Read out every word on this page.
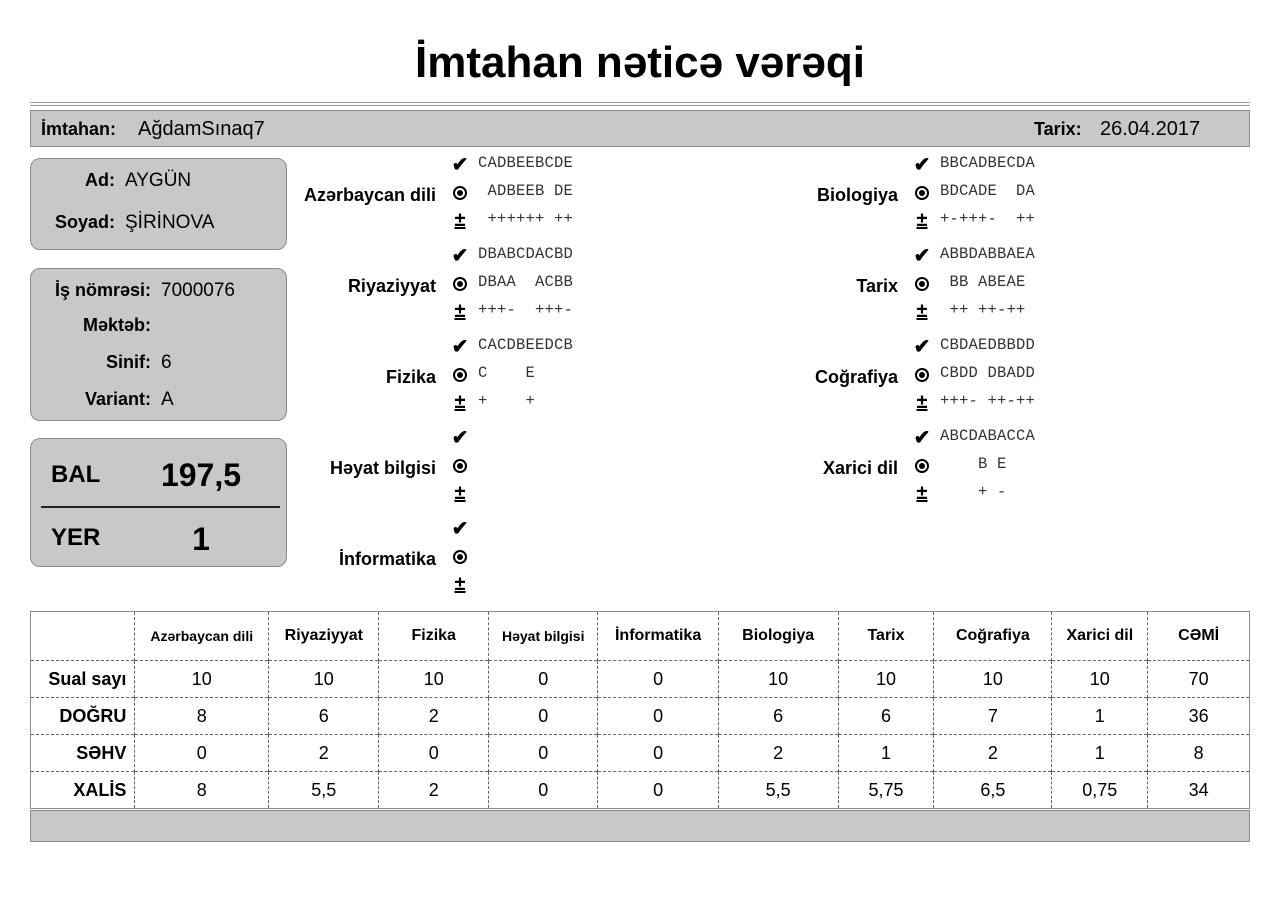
İmtahan nəticə vərəqi
İmtahan: AğdamSınaq7	Tarix: 26.04.2017
Ad: AYGÜN
Soyad: ŞİRİNOVA
İş nömrəsi: 7000076
Məktəb:
Sinif: 6
Variant: A
BAL	197,5
YER	1
Azərbaycan dili
✔ CADBEEBCDE
ADBEEB DE
± ++++++ ++
Riyaziyyat
✔ DBABCDACBD
DBAA  ACBB
± +++-  +++-
Fizika
✔ CACDBEEDCB
C    E
± +    +
Həyat bilgisi
✔
±
İnformatika
✔
±
Biologiya
✔ BBCADBECDA
BDCADE  DA
± +-+++-  ++
Tarix
✔ ABBDABBAEA
BB ABEAE
± ++ ++-++
Coğrafiya
✔ CBDAEDBBDD
CBDD DBADD
± +++- ++-++
Xarici dil
✔ ABCDABACCA
B E
± + -
	Azərbaycan dili	Riyaziyyat	Fizika	Həyat bilgisi	İnformatika	Biologiya	Tarix	Coğrafiya	Xarici dil	CƏMİ
Sual sayı	10	10	10	0	0	10	10	10	10	70
DOĞRU	8	6	2	0	0	6	6	7	1	36
SƏHV	0	2	0	0	0	2	1	2	1	8
XALİS	8	5,5	2	0	0	5,5	5,75	6,5	0,75	34
